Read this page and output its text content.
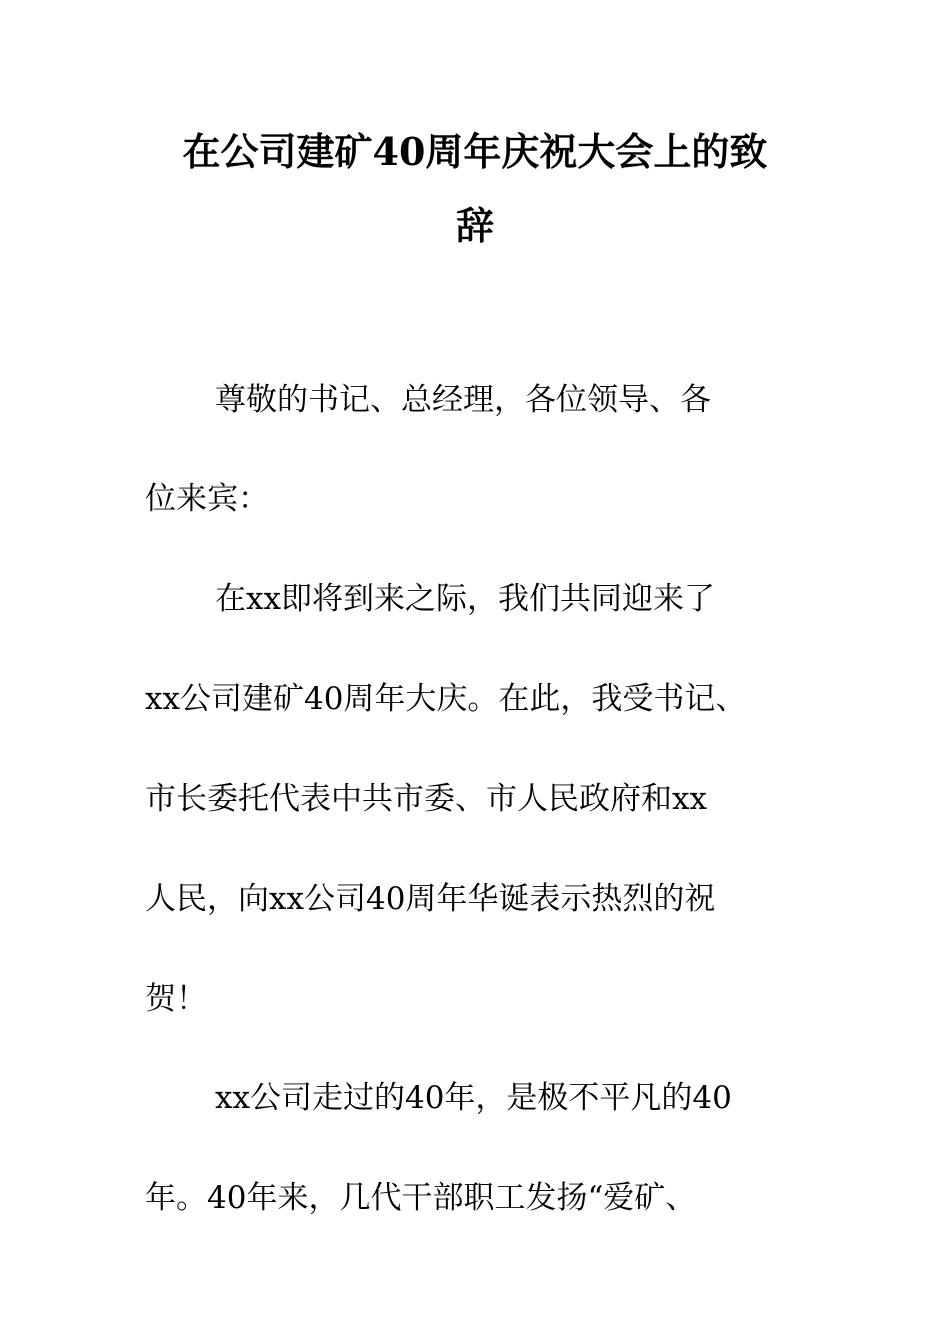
在公司建矿40周年庆祝大会上的致
辞
尊敬的书记、总经理，各位领导、各
位来宾：
在xx即将到来之际，我们共同迎来了
xx公司建矿40周年大庆。在此，我受书记、
市长委托代表中共市委、市人民政府和xx
人民，向xx公司40周年华诞表示热烈的祝
贺！
xx公司走过的40年，是极不平凡的40
年。40年来，几代干部职工发扬“爱矿、
